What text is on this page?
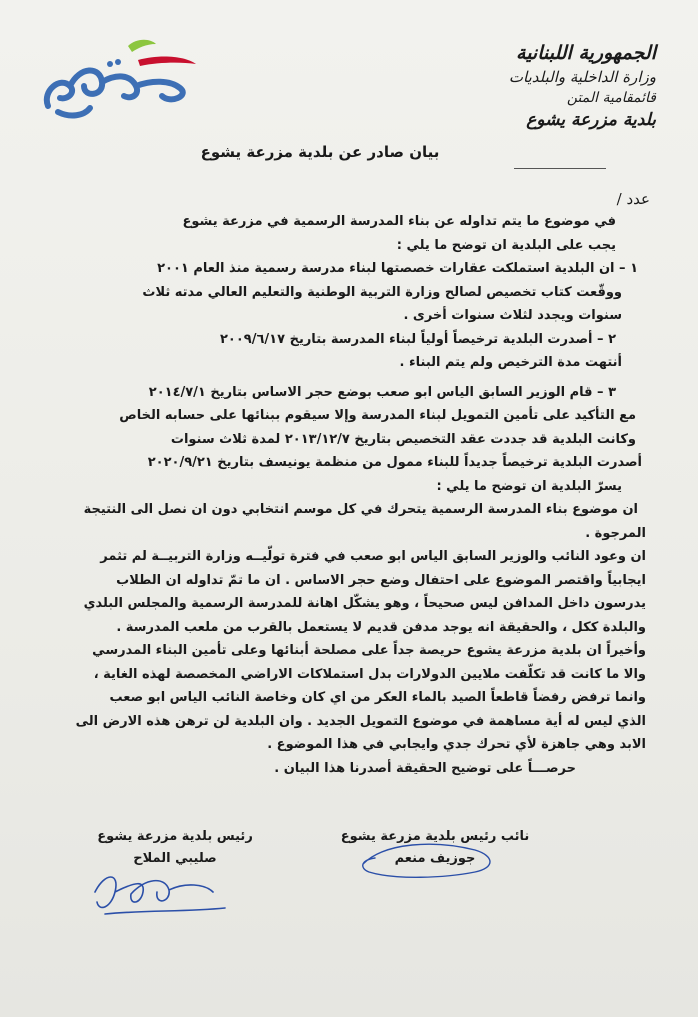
الجمهورية اللبنانية
وزارة الداخلية والبلديات
قائمقامية المتن
بلدية مزرعة يشوع
عدد /
بيان صادر عن بلدية مزرعة يشوع

في موضوع ما يتم تداوله عن بناء المدرسة الرسمية في مزرعة يشوع

يجب على البلدية ان توضح ما يلي :

١ – ان البلدية استملكت عقارات خصصتها لبناء مدرسة رسمية منذ العام ٢٠٠١

ووقّعت كتاب تخصيص لصالح وزارة التربية الوطنية والتعليم العالي مدته ثلاث

سنوات ويجدد لثلاث سنوات أخرى .

٢ – أصدرت البلدية ترخيصاً أولياً لبناء المدرسة بتاريخ ٢٠٠٩/٦/١٧

أنتهت مدة الترخيص ولم يتم البناء .

٣ – قام الوزير السابق الياس ابو صعب بوضع حجر الاساس بتاريخ ٢٠١٤/٧/١

مع التأكيد على تأمين التمويل لبناء المدرسة وإلا سيقوم ببنائها على حسابه الخاص

وكانت البلدية قد جددت عقد التخصيص بتاريخ ٢٠١٣/١٢/٧ لمدة ثلاث سنوات

أصدرت البلدية ترخيصاً جديداً للبناء ممول من منظمة يونيسف بتاريخ ٢٠٢٠/٩/٢١

يسرّ البلدية ان توضح ما يلي :

ان موضوع بناء المدرسة الرسمية يتحرك في كل موسم انتخابي دون ان نصل الى النتيجة

المرجوة .

ان وعود النائب والوزير السابق الياس ابو صعب في فترة تولّيــه وزارة التربيــة لم تثمر

ايجابياً واقتصر الموضوع على احتفال وضع حجر الاساس . ان ما تمّ تداوله ان الطلاب

يدرسون داخل المدافن ليس صحيحاً ، وهو يشكّل اهانة للمدرسة الرسمية والمجلس البلدي

والبلدة ككل ، والحقيقة انه يوجد مدفن قديم لا يستعمل بالقرب من ملعب المدرسة .

وأخيراً ان بلدية مزرعة يشوع حريصة جداً على مصلحة أبنائها وعلى تأمين البناء المدرسي

والا ما كانت قد تكلّفت ملايين الدولارات بدل استملاكات الاراضي المخصصة لهذه الغاية ،

وانما ترفض رفضاً قاطعاً الصيد بالماء العكر من اي كان وخاصة النائب الياس ابو صعب

الذي ليس له أية مساهمة في موضوع التمويل الجديد . وان البلدية لن ترهن هذه الارض الى

الابد وهي جاهزة لأي تحرك جدي وايجابي في هذا الموضوع .

حرصـــاً على توضيح الحقيقة أصدرنا هذا البيان .

رئيس بلدية مزرعة يشوع
صليبي الملاح
نائب رئيس بلدية مزرعة يشوع
جوزيف منعم
